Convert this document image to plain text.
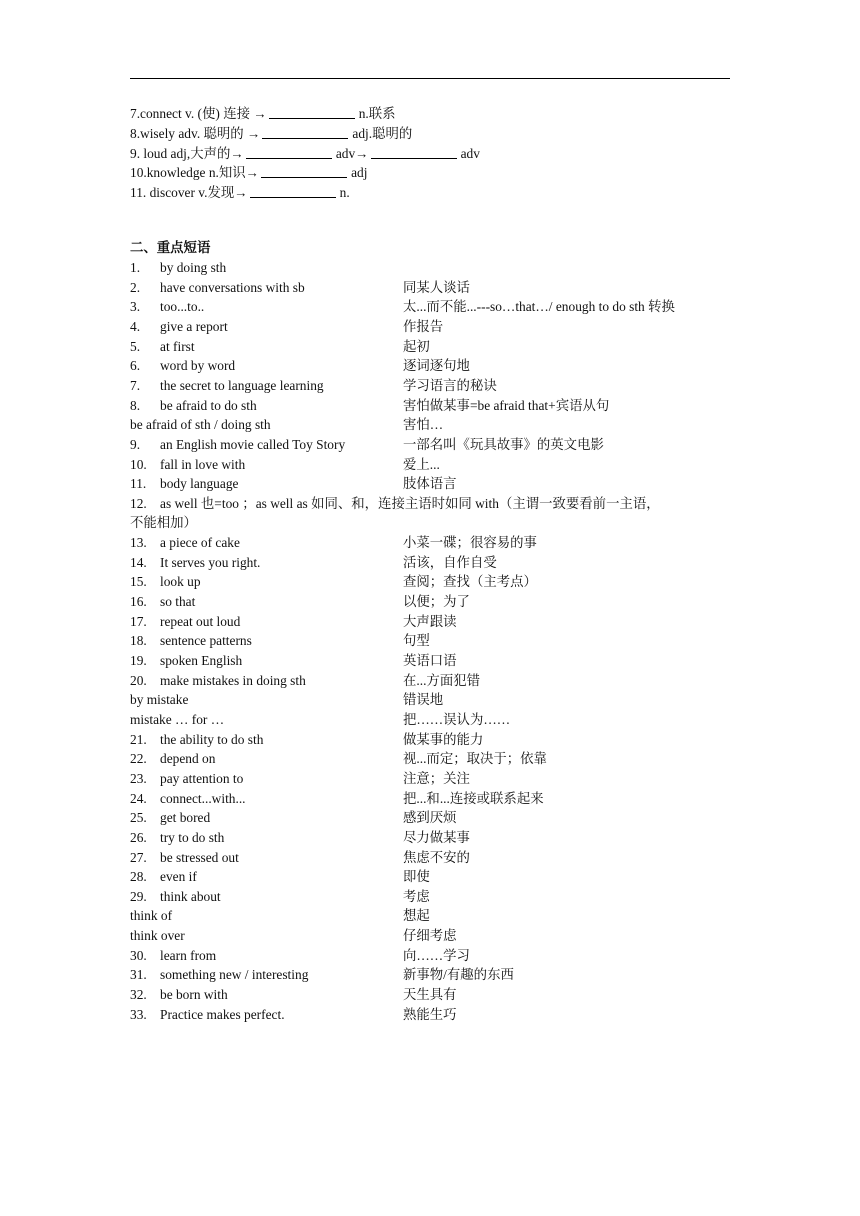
7.connect v. (使) 连接 →	n.联系
8.wisely adv. 聪明的 →	adj.聪明的
9. loud adj,大声的→	adv→	adv
10.knowledge n.知识→	adj
11. discover v.发现→	n.
二、重点短语
1. by doing sth
2. have conversations with sb	同某人谈话
3. too...to..	太...而不能...---so…that…/ enough to do sth 转换
4. give a report	作报告
5. at first	起初
6. word by word	逐词逐句地
7. the secret to language learning	学习语言的秘诀
8. be afraid to do sth	害怕做某事=be afraid that+宾语从句
be afraid of sth / doing sth	害怕…
9. an English movie called Toy Story	一部名叫《玩具故事》的英文电影
10. fall in love with	爱上...
11. body language	肢体语言
12. as well 也=too ；as well as 如同、和，连接主语时如同 with（主谓一致要看前一主语，
不能相加）
13. a piece of cake	小菜一碟；很容易的事
14. It serves you right.	活该，自作自受
15. look up	查阅；查找（主考点）
16. so that	以便；为了
17. repeat out loud	大声跟读
18. sentence patterns	句型
19. spoken English	英语口语
20. make mistakes in doing sth	在...方面犯错
by mistake	错误地
mistake … for …	把……误认为……
21. the ability to do sth	做某事的能力
22. depend on	视...而定；取决于；依靠
23. pay attention to	注意；关注
24. connect...with...	把...和...连接或联系起来
25. get bored	感到厌烦
26. try to do sth	尽力做某事
27. be stressed out	焦虑不安的
28. even if	即使
29. think about	考虑
think of	想起
think over	仔细考虑
30. learn from	向……学习
31. something new / interesting	新事物/有趣的东西
32. be born with	天生具有
33. Practice makes perfect.	熟能生巧
